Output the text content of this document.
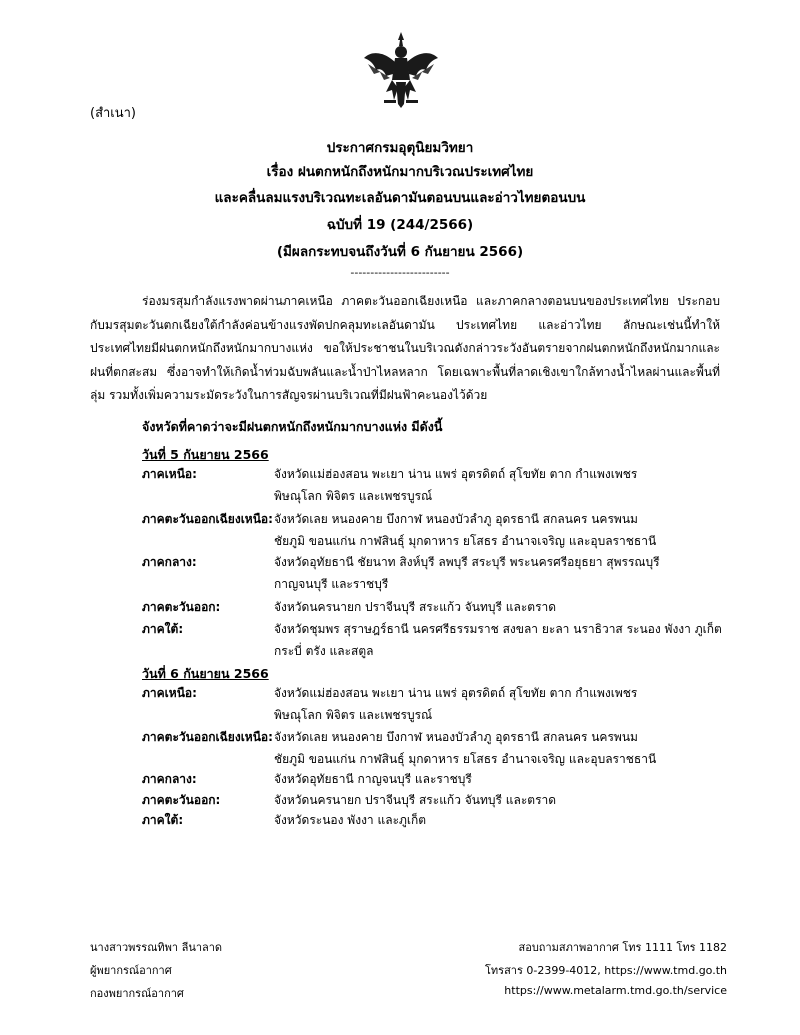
(สำเนา)
ประกาศกรมอุตุนิยมวิทยา
เรื่อง ฝนตกหนักถึงหนักมากบริเวณประเทศไทย
และคลื่นลมแรงบริเวณทะเลอันดามันตอนบนและอ่าวไทยตอนบน
ฉบับที่ 19 (244/2566)
(มีผลกระทบจนถึงวันที่ 6 กันยายน 2566)
-------------------------
ร่องมรสุมกำลังแรงพาดผ่านภาคเหนือ ภาคตะวันออกเฉียงเหนือ และภาคกลางตอนบนของประเทศไทย ประกอบกับมรสุมตะวันตกเฉียงใต้กำลังค่อนข้างแรงพัดปกคลุมทะเลอันดามัน ประเทศไทย และอ่าวไทย ลักษณะเช่นนี้ทำให้ประเทศไทยมีฝนตกหนักถึงหนักมากบางแห่ง ขอให้ประชาชนในบริเวณดังกล่าวระวังอันตรายจากฝนตกหนักถึงหนักมากและฝนที่ตกสะสม ซึ่งอาจทำให้เกิดน้ำท่วมฉับพลันและน้ำป่าไหลหลาก โดยเฉพาะพื้นที่ลาดเชิงเขาใกล้ทางน้ำไหลผ่านและพื้นที่ลุ่ม รวมทั้งเพิ่มความระมัดระวังในการสัญจรผ่านบริเวณที่มีฝนฟ้าคะนองไว้ด้วย
จังหวัดที่คาดว่าจะมีฝนตกหนักถึงหนักมากบางแห่ง มีดังนี้
วันที่ 5 กันยายน 2566
ภาคเหนือ:	จังหวัดแม่ฮ่องสอน พะเยา น่าน แพร่ อุตรดิตถ์ สุโขทัย ตาก กำแพงเพชร
พิษณุโลก พิจิตร และเพชรบูรณ์
ภาคตะวันออกเฉียงเหนือ: จังหวัดเลย หนองคาย บึงกาฬ หนองบัวลำภู อุดรธานี สกลนคร นครพนม
ชัยภูมิ ขอนแก่น กาฬสินธุ์ มุกดาหาร ยโสธร อำนาจเจริญ และอุบลราชธานี
ภาคกลาง:	จังหวัดอุทัยธานี ชัยนาท สิงห์บุรี ลพบุรี สระบุรี พระนครศรีอยุธยา สุพรรณบุรี
กาญจนบุรี และราชบุรี
ภาคตะวันออก:	จังหวัดนครนายก ปราจีนบุรี สระแก้ว จันทบุรี และตราด
ภาคใต้:	จังหวัดชุมพร สุราษฎร์ธานี นครศรีธรรมราช สงขลา ยะลา นราธิวาส ระนอง พังงา ภูเก็ต
กระบี่ ตรัง และสตูล
วันที่ 6 กันยายน 2566
ภาคเหนือ:	จังหวัดแม่ฮ่องสอน พะเยา น่าน แพร่ อุตรดิตถ์ สุโขทัย ตาก กำแพงเพชร
พิษณุโลก พิจิตร และเพชรบูรณ์
ภาคตะวันออกเฉียงเหนือ: จังหวัดเลย หนองคาย บึงกาฬ หนองบัวลำภู อุดรธานี สกลนคร นครพนม
ชัยภูมิ ขอนแก่น กาฬสินธุ์ มุกดาหาร ยโสธร อำนาจเจริญ และอุบลราชธานี
ภาคกลาง:	จังหวัดอุทัยธานี กาญจนบุรี และราชบุรี
ภาคตะวันออก:	จังหวัดนครนายก ปราจีนบุรี สระแก้ว จันทบุรี และตราด
ภาคใต้:	จังหวัดระนอง พังงา และภูเก็ต
นางสาวพรรณทิพา ลีนาลาด
ผู้พยากรณ์อากาศ
กองพยากรณ์อากาศ
สอบถามสภาพอากาศ โทร 1111 โทร 1182
โทรสาร 0-2399-4012, https://www.tmd.go.th
https://www.metalarm.tmd.go.th/service
